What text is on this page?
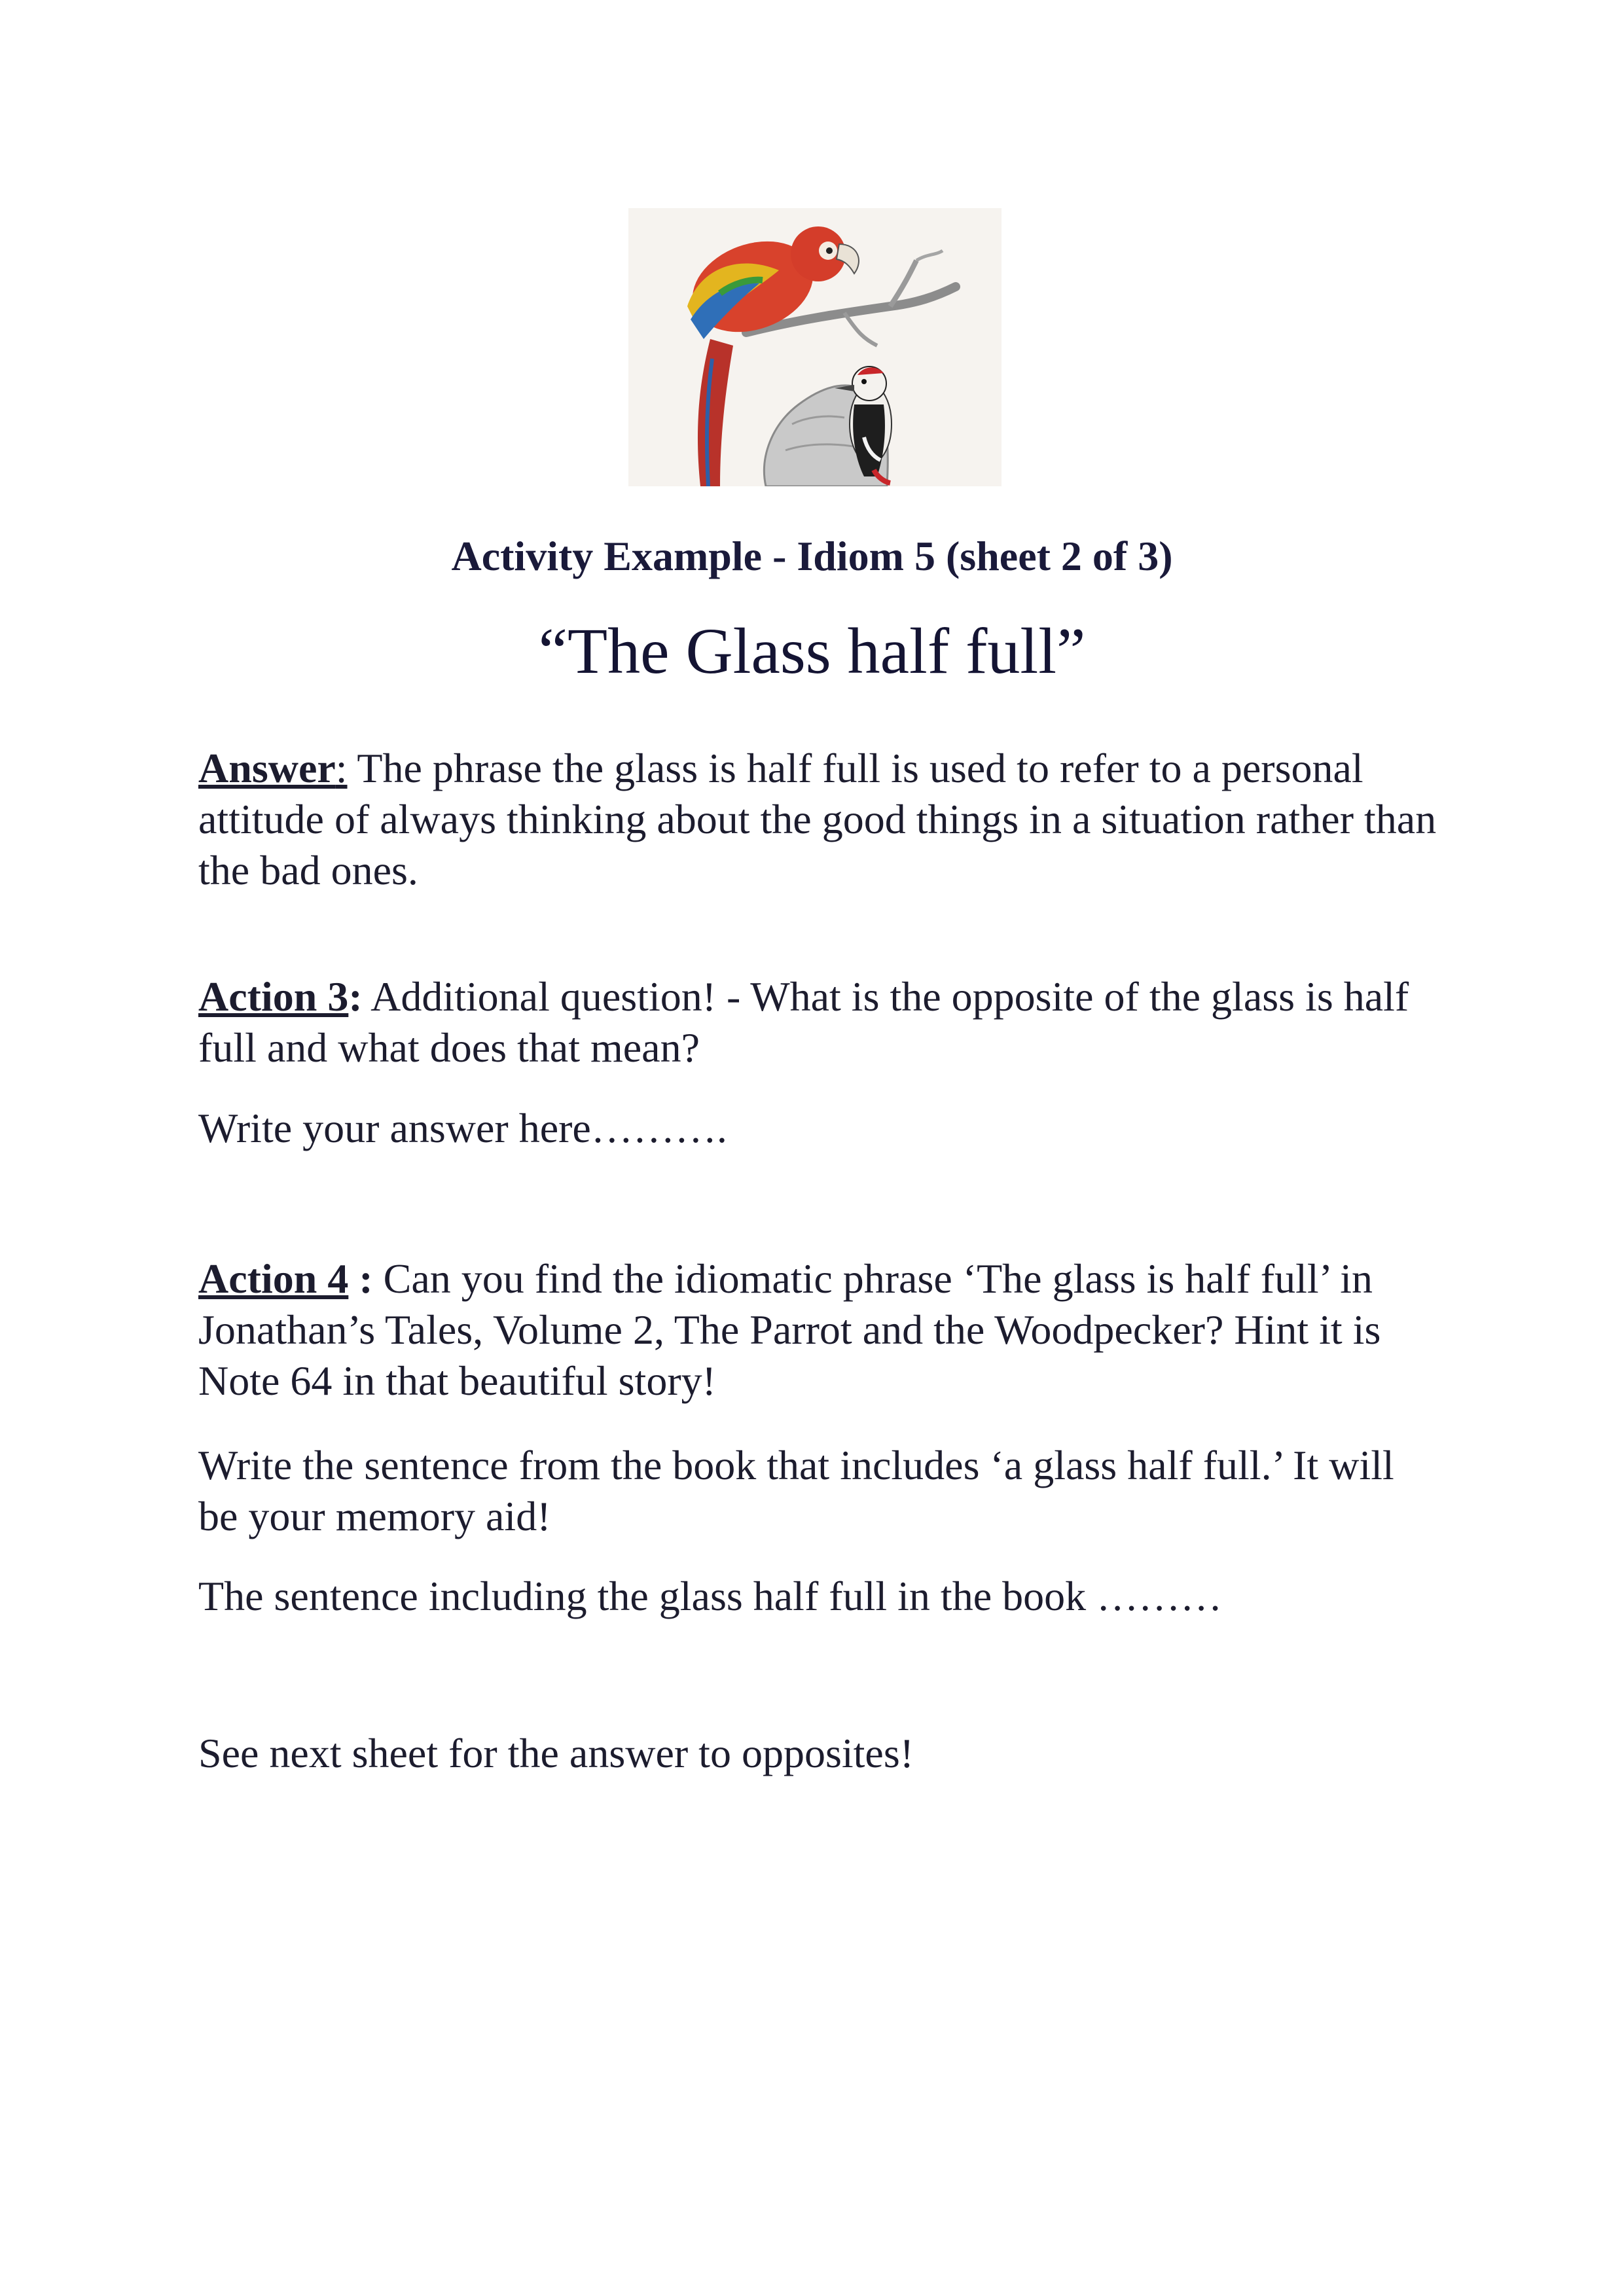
Activity Example - Idiom 5 (sheet 2 of 3)
“The Glass half full”
Answer: The phrase the glass is half full is used to refer to a personal attitude of always thinking about the good things in a situation rather than the bad ones.
Action 3: Additional question! - What is the opposite of the glass is half full and what does that mean?
Write your answer here……….
Action 4 : Can you find the idiomatic phrase ‘The glass is half full’ in Jonathan’s Tales, Volume 2, The Parrot and the Woodpecker? Hint it is Note 64 in that beautiful story!
Write the sentence from the book that includes ‘a glass half full.’ It will be your memory aid!
The sentence including the glass half full in the book ………
See next sheet for the answer to opposites!
